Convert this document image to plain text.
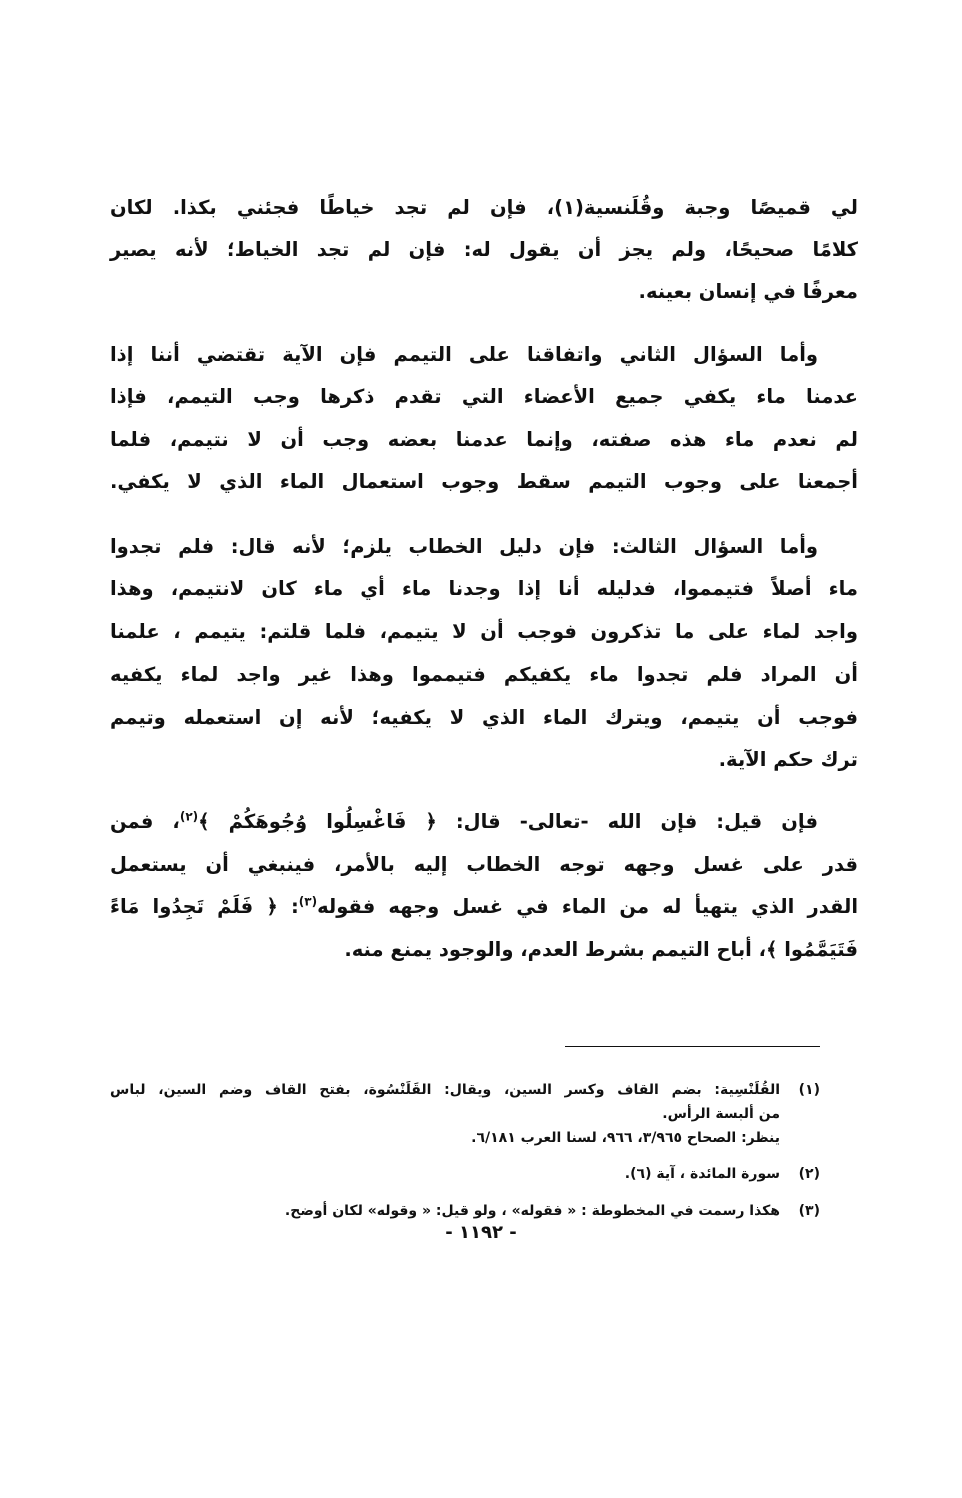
لي قميصًا وجبة وقُلَنسية(١)، فإن لم تجد خياطًا فجئني بكذا. لكان
كلامًا صحيحًا، ولم يجز أن يقول له: فإن لم تجد الخياط؛ لأنه يصير
معرفًا في إنسان بعينه.
وأما السؤال الثاني واتفاقنا على التيمم فإن الآية تقتضي أننا إذا
عدمنا ماء يكفي جميع الأعضاء التي تقدم ذكرها وجب التيمم، فإذا
لم نعدم ماء هذه صفته، وإنما عدمنا بعضه وجب أن لا نتيمم، فلما
أجمعنا على وجوب التيمم سقط وجوب استعمال الماء الذي لا يكفي.
وأما السؤال الثالث: فإن دليل الخطاب يلزم؛ لأنه قال: فلم تجدوا
ماء أصلاً فتيمموا، فدليله أنا إذا وجدنا ماء أي ماء كان لانتيمم، وهذا
واجد لماء على ما تذكرون فوجب أن لا يتيمم، فلما قلتم: يتيمم ، علمنا
أن المراد فلم تجدوا ماء يكفيكم فتيمموا وهذا غير واجد لماء يكفيه
فوجب أن يتيمم، ويترك الماء الذي لا يكفيه؛ لأنه إن استعمله وتيمم
ترك حكم الآية.
فإن قيل: فإن الله -تعالى- قال: ﴿ فَاغْسِلُوا وُجُوهَكُمْ ﴾$^{(٢)}$، فمن
قدر على غسل وجهه توجه الخطاب إليه بالأمر، فينبغي أن يستعمل
القدر الذي يتهيأ له من الماء في غسل وجهه فقوله$^{(٣)}$: ﴿ فَلَمْ تَجِدُوا مَاءً
فَتَيَمَّمُوا ﴾، أباح التيمم بشرط العدم، والوجود يمنع منه.
(١)
القُلَنْسِية: بضم القاف وكسر السين، ويقال: القَلَنْسُوة، بفتح القاف وضم السين، لباس
من ألبسة الرأس.
ينظر: الصحاح ٣/٩٦٥، ٩٦٦، لسنا العرب ٦/١٨١.
(٢)
سورة المائدة ، آية (٦).
(٣)
هكذا رسمت في المخطوطة : « فقوله» ، ولو قيل: « وقوله» لكان أوضح.
- ١١٩٢ -
